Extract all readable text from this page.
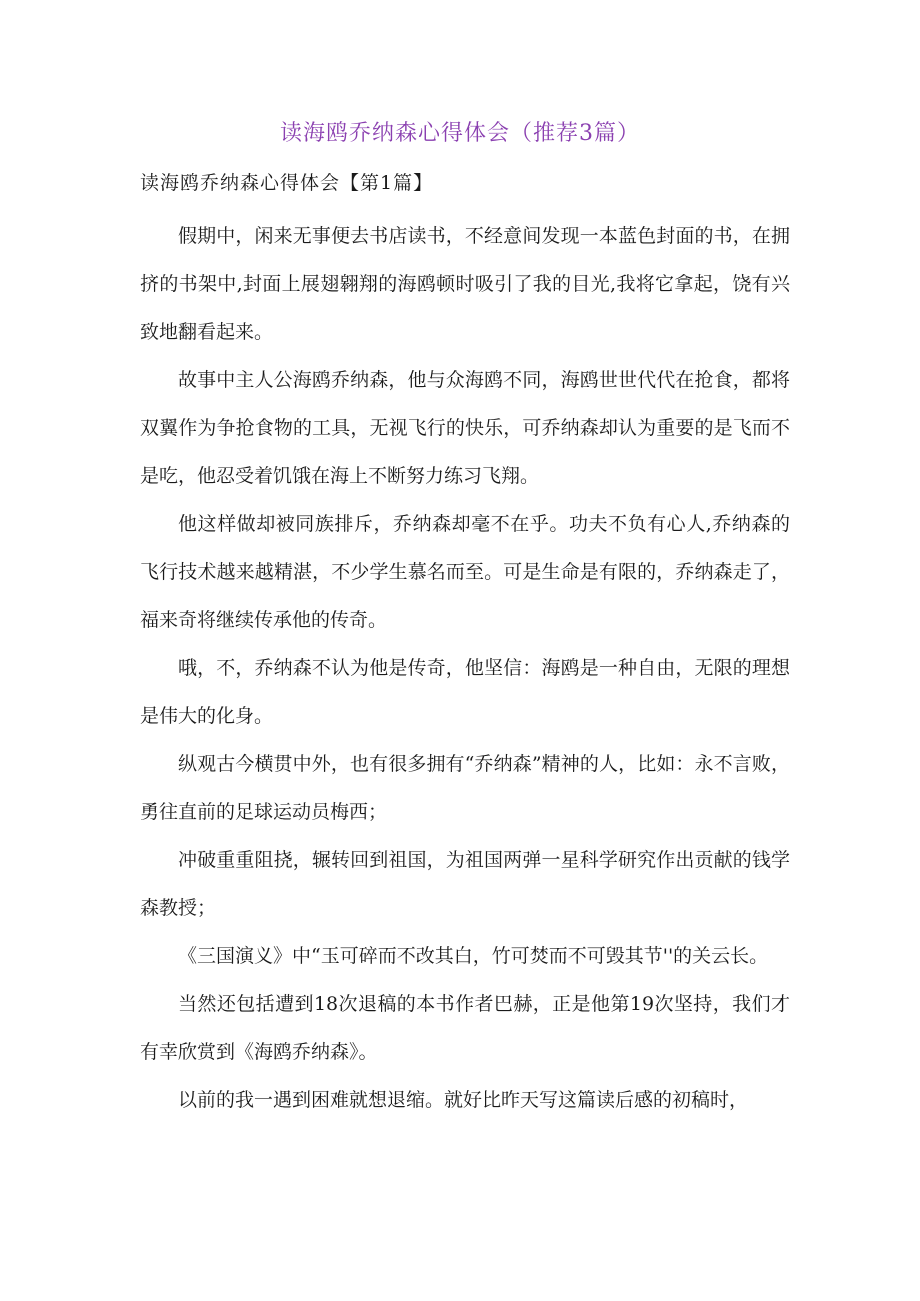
读海鸥乔纳森心得体会（推荐3篇）
读海鸥乔纳森心得体会【第1篇】

假期中，闲来无事便去书店读书，不经意间发现一本蓝色封面的书，在拥挤的书架中,封面上展翅翱翔的海鸥顿时吸引了我的目光,我将它拿起，饶有兴致地翻看起来。

故事中主人公海鸥乔纳森，他与众海鸥不同，海鸥世世代代在抢食，都将双翼作为争抢食物的工具，无视飞行的快乐，可乔纳森却认为重要的是飞而不是吃，他忍受着饥饿在海上不断努力练习飞翔。

他这样做却被同族排斥，乔纳森却毫不在乎。功夫不负有心人,乔纳森的飞行技术越来越精湛，不少学生慕名而至。可是生命是有限的，乔纳森走了，福来奇将继续传承他的传奇。

哦，不，乔纳森不认为他是传奇，他坚信：海鸥是一种自由，无限的理想是伟大的化身。

纵观古今横贯中外，也有很多拥有“乔纳森”精神的人，比如：永不言败，勇往直前的足球运动员梅西；

冲破重重阻挠，辗转回到祖国，为祖国两弹一星科学研究作出贡献的钱学森教授；

《三国演义》中“玉可碎而不改其白，竹可焚而不可毁其节''的关云长。

当然还包括遭到18次退稿的本书作者巴赫，正是他第19次坚持，我们才有幸欣赏到《海鸥乔纳森》。

以前的我一遇到困难就想退缩。就好比昨天写这篇读后感的初稿时，
